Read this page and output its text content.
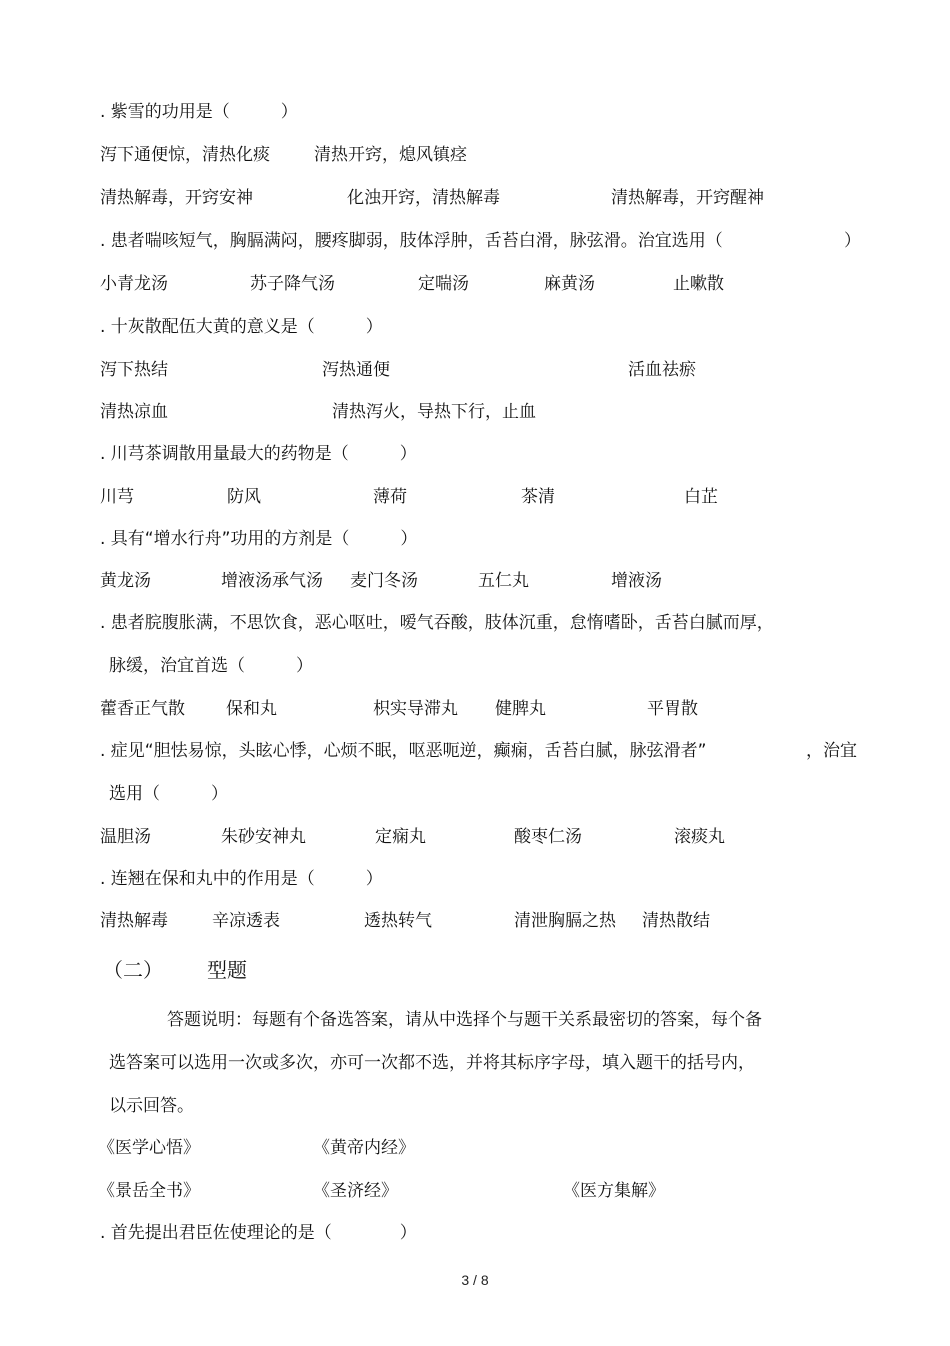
. 紫雪的功用是（　　　）
泻下通便惊，清热化痰	清热开窍，熄风镇痉
清热解毒，开窍安神	化浊开窍，清热解毒	清热解毒，开窍醒神
. 患者喘咳短气，胸膈满闷，腰疼脚弱，肢体浮肿，舌苔白滑，脉弦滑。治宜选用（	）
小青龙汤	苏子降气汤	定喘汤	麻黄汤	止嗽散
. 十灰散配伍大黄的意义是（　　　）
泻下热结	泻热通便	活血祛瘀
清热凉血	清热泻火，导热下行，止血
. 川芎茶调散用量最大的药物是（　　　）
川芎	防风	薄荷	茶清	白芷
. 具有“增水行舟”功用的方剂是（　　　）
黄龙汤	增液汤承气汤 麦门冬汤	五仁丸	增液汤
. 患者脘腹胀满，不思饮食，恶心呕吐，嗳气吞酸，肢体沉重，怠惰嗜卧，舌苔白腻而厚，
脉缓，治宜首选（　　　）
藿香正气散 保和丸	枳实导滞丸 健脾丸	平胃散
. 症见“胆怯易惊，头眩心悸，心烦不眠，呕恶呃逆，癫痫，舌苔白腻，脉弦滑者”	，治宜
选用（　　　）
温胆汤	朱砂安神丸	定痫丸	酸枣仁汤	滚痰丸
. 连翘在保和丸中的作用是（　　　）
清热解毒	辛凉透表	透热转气	清泄胸膈之热 清热散结
（二） 型题
答题说明：每题有个备选答案，请从中选择个与题干关系最密切的答案，每个备
选答案可以选用一次或多次，亦可一次都不选，并将其标序字母，填入题干的括号内，
以示回答。
《医学心悟》	《黄帝内经》
《景岳全书》	《圣济经》	《医方集解》
. 首先提出君臣佐使理论的是（　　　　）
3 / 8
